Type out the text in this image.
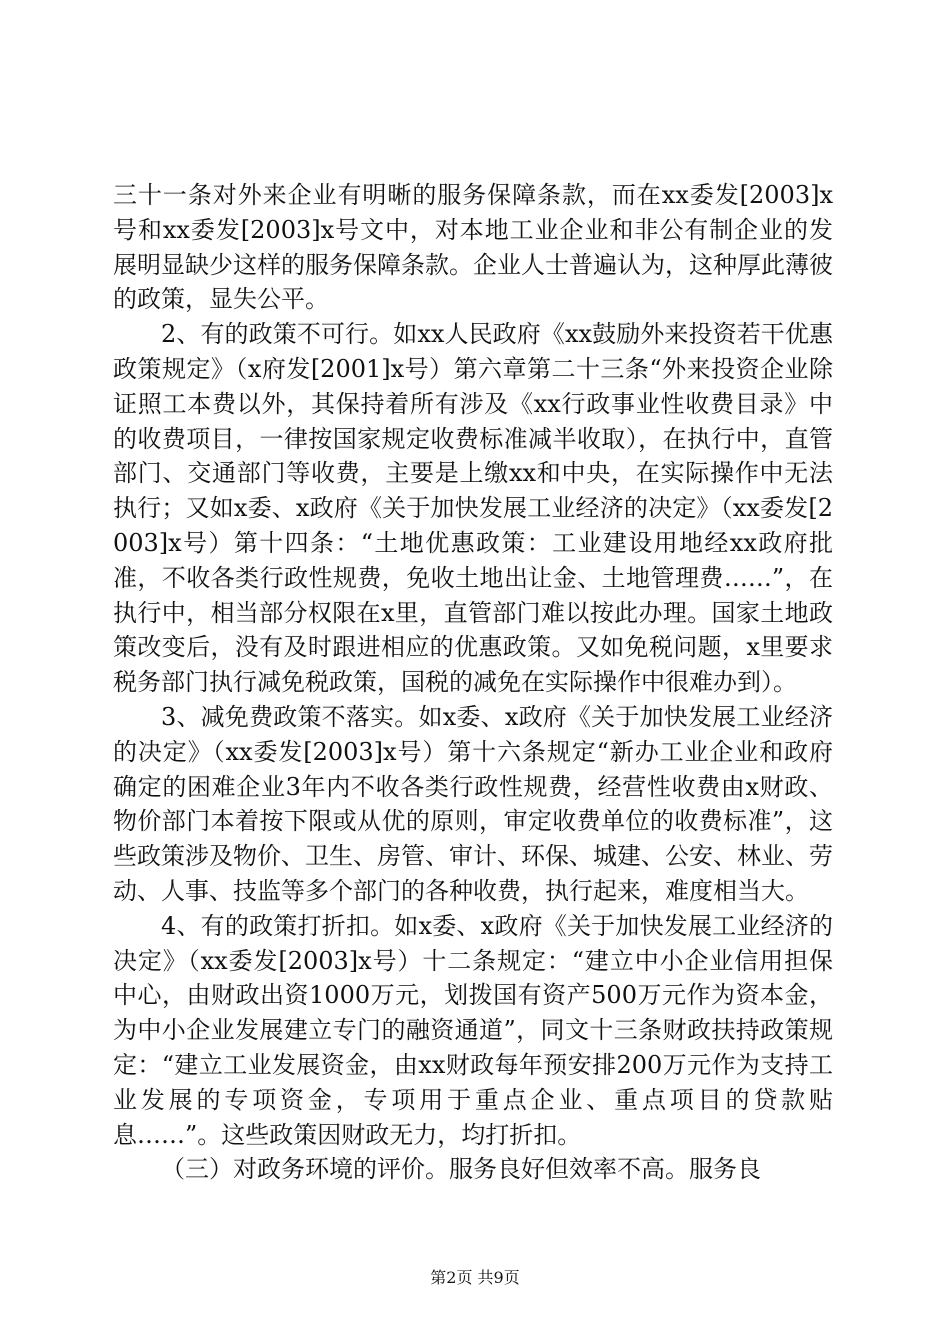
三十一条对外来企业有明晰的服务保障条款，而在xx委发[2003]x号和xx委发[2003]x号文中，对本地工业企业和非公有制企业的发展明显缺少这样的服务保障条款。企业人士普遍认为，这种厚此薄彼的政策，显失公平。

2、有的政策不可行。如xx人民政府《xx鼓励外来投资若干优惠政策规定》（x府发[2001]x号）第六章第二十三条“外来投资企业除证照工本费以外，其保持着所有涉及《xx行政事业性收费目录》中的收费项目，一律按国家规定收费标准减半收取），在执行中，直管部门、交通部门等收费，主要是上缴xx和中央，在实际操作中无法执行；又如x委、x政府《关于加快发展工业经济的决定》（xx委发[2003]x号）第十四条：“土地优惠政策：工业建设用地经xx政府批准，不收各类行政性规费，免收土地出让金、土地管理费……”，在执行中，相当部分权限在x里，直管部门难以按此办理。国家土地政策改变后，没有及时跟进相应的优惠政策。又如免税问题，x里要求税务部门执行减免税政策，国税的减免在实际操作中很难办到）。

3、减免费政策不落实。如x委、x政府《关于加快发展工业经济的决定》（xx委发[2003]x号）第十六条规定“新办工业企业和政府确定的困难企业3年内不收各类行政性规费，经营性收费由x财政、物价部门本着按下限或从优的原则，审定收费单位的收费标准”，这些政策涉及物价、卫生、房管、审计、环保、城建、公安、林业、劳动、人事、技监等多个部门的各种收费，执行起来，难度相当大。

4、有的政策打折扣。如x委、x政府《关于加快发展工业经济的决定》（xx委发[2003]x号）十二条规定：“建立中小企业信用担保中心，由财政出资1000万元，划拨国有资产500万元作为资本金，为中小企业发展建立专门的融资通道”，同文十三条财政扶持政策规定：“建立工业发展资金，由xx财政每年预安排200万元作为支持工业发展的专项资金，专项用于重点企业、重点项目的贷款贴息……”。这些政策因财政无力，均打折扣。

（三）对政务环境的评价。服务良好但效率不高。服务良

第2页 共9页
